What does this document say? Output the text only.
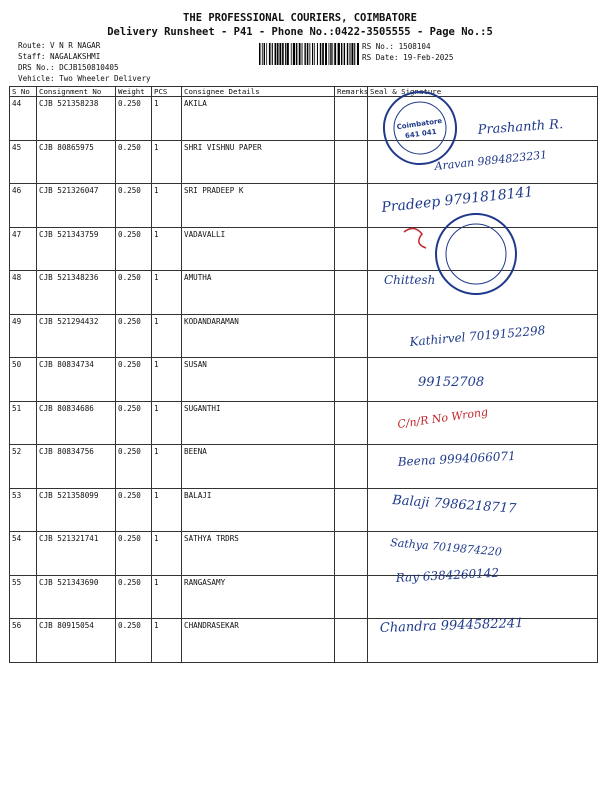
THE PROFESSIONAL COURIERS, COIMBATORE
Delivery Runsheet - P41 - Phone No.:0422-3505555 - Page No.:5
Route: V N R NAGAR
Staff: NAGALAKSHMI
DRS No.: DCJB150810405
Vehicle: Two Wheeler Delivery
RS No.: 1508104
RS Date: 19-Feb-2025
S No	Consignment No	Weight	PCS	Consignee Details	Remarks	Seal & Signature
44	CJB 521358238	0.250	1	AKILA		
45	CJB 80865975	0.250	1	SHRI VISHNU PAPER		
46	CJB 521326047	0.250	1	SRI PRADEEP K		
47	CJB 521343759	0.250	1	VADAVALLI		
48	CJB 521348236	0.250	1	AMUTHA		
49	CJB 521294432	0.250	1	KODANDARAMAN		
50	CJB 80834734	0.250	1	SUSAN		
51	CJB 80834686	0.250	1	SUGANTHI		
52	CJB 80834756	0.250	1	BEENA		
53	CJB 521358099	0.250	1	BALAJI		
54	CJB 521321741	0.250	1	SATHYA TRDRS		
55	CJB 521343690	0.250	1	RANGASAMY		
56	CJB 80915054	0.250	1	CHANDRASEKAR		
Coimbatore
641 041	Prashanth R.
Aravan 9894823231
Pradeep 9791818141
Chittesh
Kathirvel 7019152298
99152708
C/n/R No Wrong
Beena 9994066071
Balaji 7986218717
Sathya 7019874220
Ray 6384260142
Chandra 9944582241
